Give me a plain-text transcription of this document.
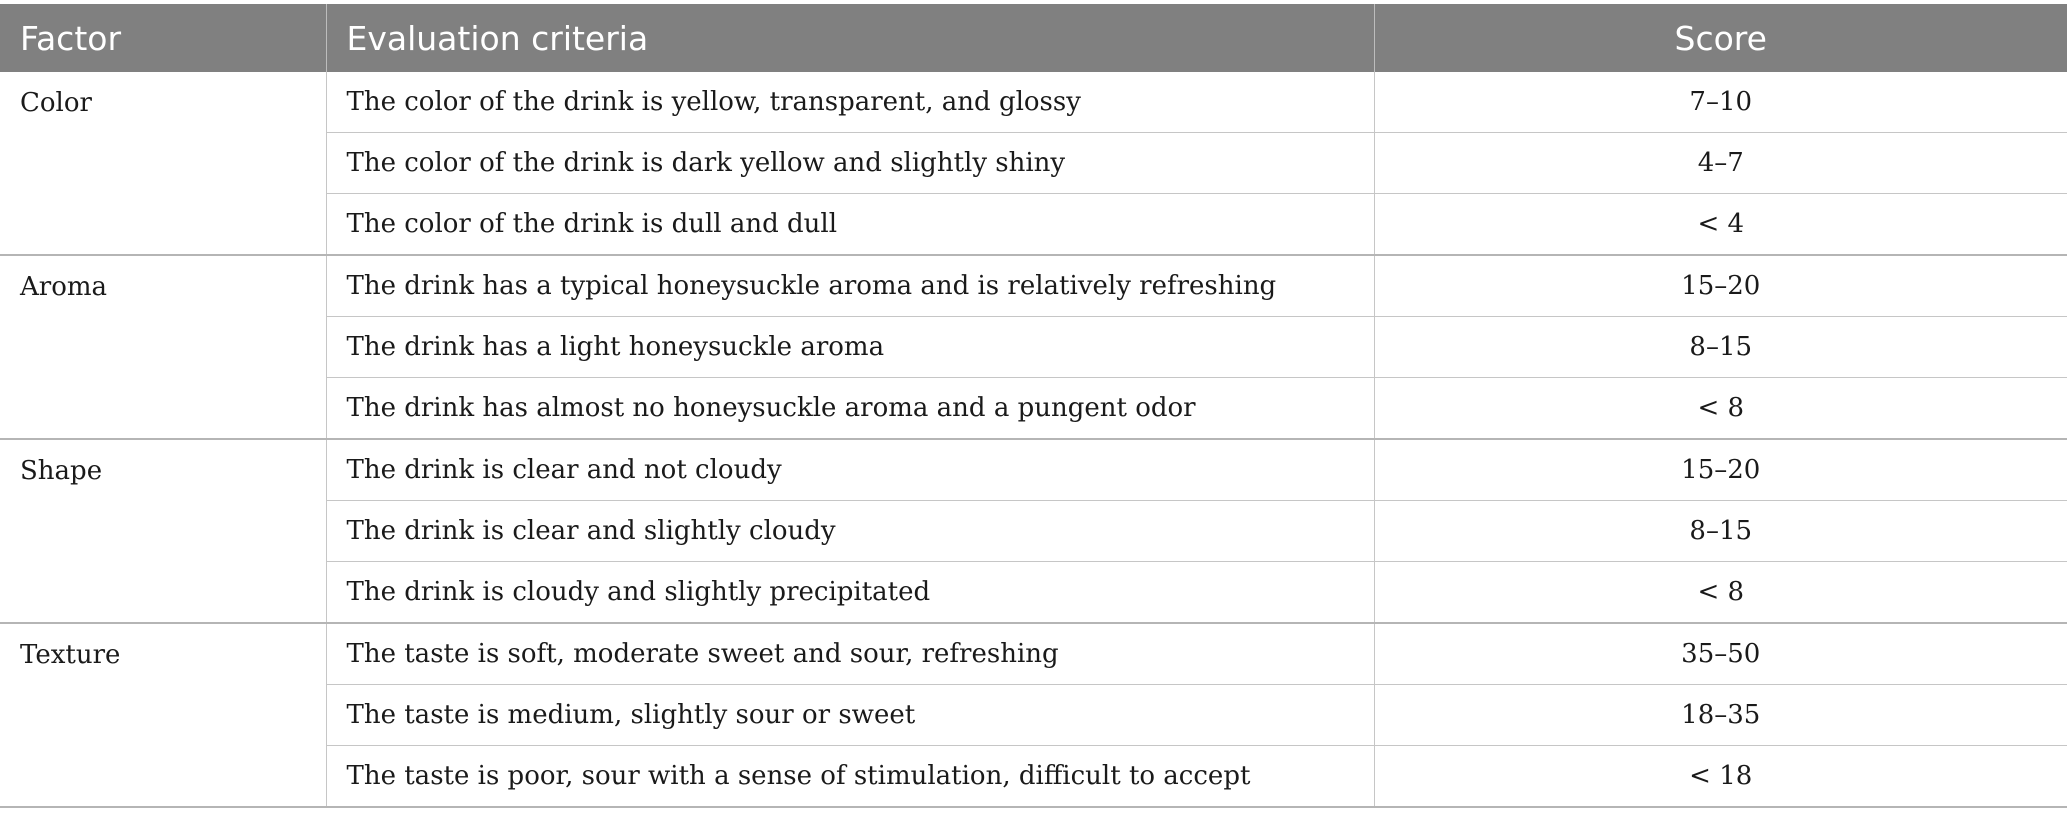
Factor	Evaluation criteria	Score
Color	The color of the drink is yellow, transparent, and glossy	7–10
	The color of the drink is dark yellow and slightly shiny	4–7
	The color of the drink is dull and dull	< 4
Aroma	The drink has a typical honeysuckle aroma and is relatively refreshing	15–20
	The drink has a light honeysuckle aroma	8–15
	The drink has almost no honeysuckle aroma and a pungent odor	< 8
Shape	The drink is clear and not cloudy	15–20
	The drink is clear and slightly cloudy	8–15
	The drink is cloudy and slightly precipitated	< 8
Texture	The taste is soft, moderate sweet and sour, refreshing	35–50
	The taste is medium, slightly sour or sweet	18–35
	The taste is poor, sour with a sense of stimulation, difficult to accept	< 18
